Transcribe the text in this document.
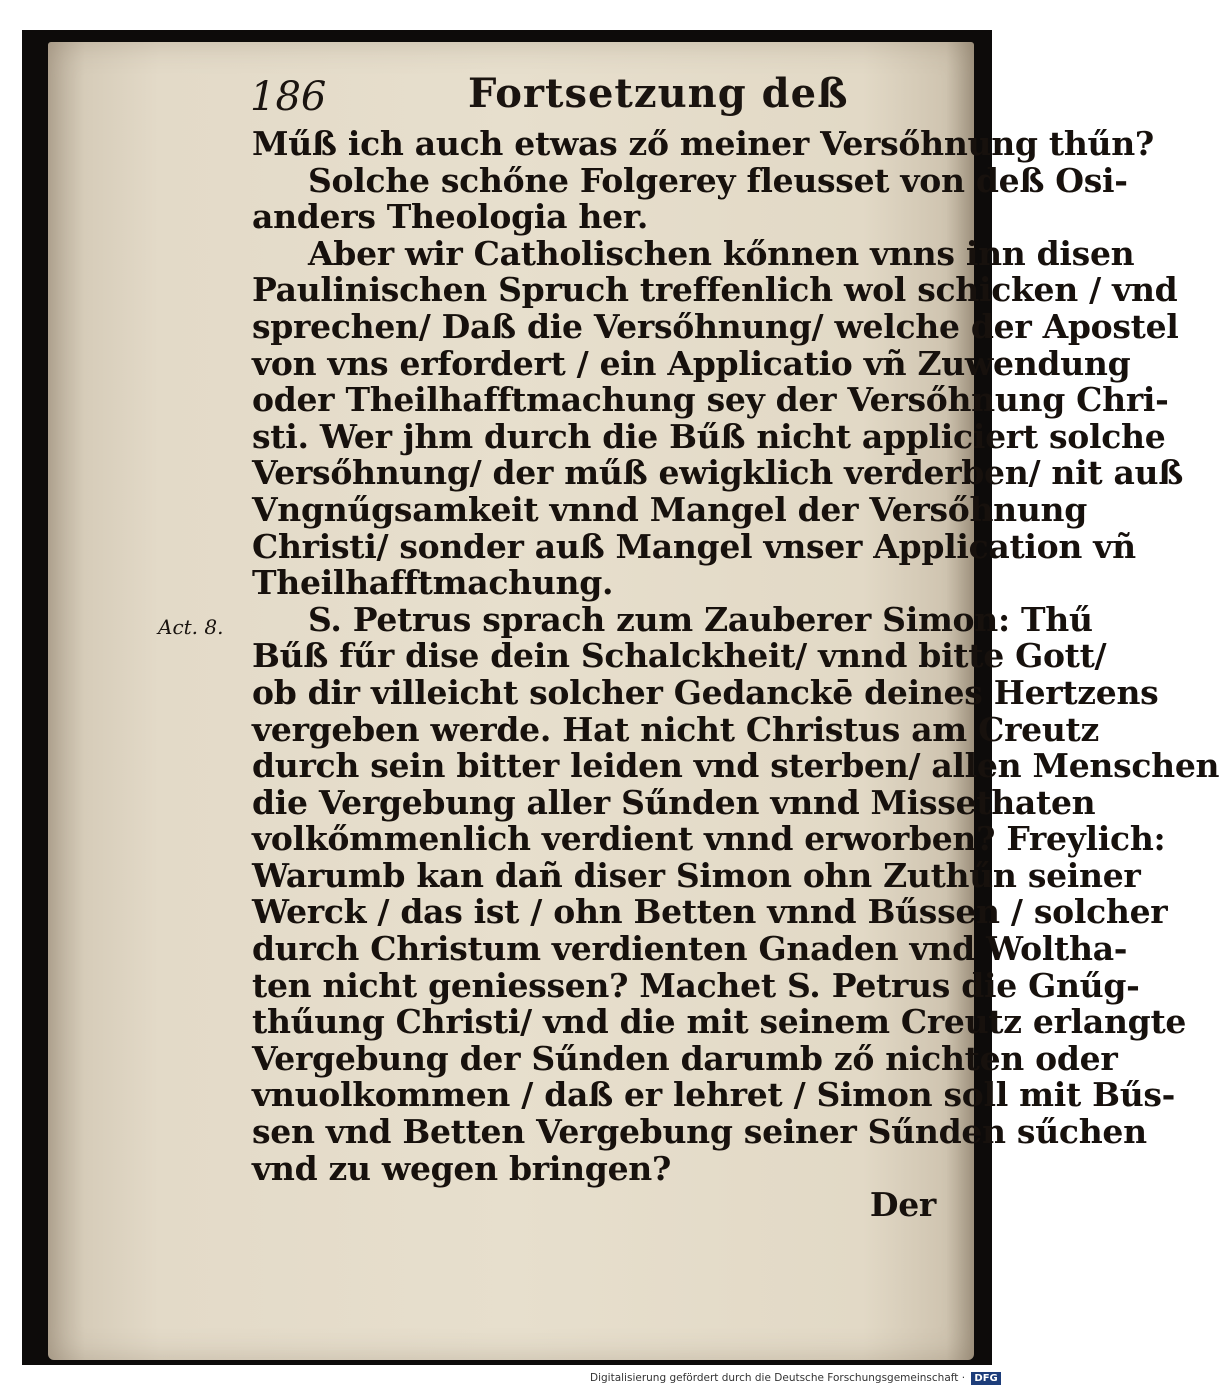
186	Fortsetzung deß
Act. 8.
Műß ich auch etwas ző meiner Versőhnung thűn?
Solche schőne Folgerey fleusset von deß Osi-
anders Theologia her.
Aber wir Catholischen kőnnen vnns inn disen
Paulinischen Spruch treffenlich wol schicken / vnd
sprechen/ Daß die Versőhnung/ welche der Apostel
von vns erfordert / ein Applicatio vñ Zuwendung
oder Theilhafftmachung sey der Versőhnung Chri-
sti. Wer jhm durch die Bűß nicht appliciert solche
Versőhnung/ der műß ewigklich verderben/ nit auß
Vngnűgsamkeit vnnd Mangel der Versőhnung
Christi/ sonder auß Mangel vnser Application vñ
Theilhafftmachung.
S. Petrus sprach zum Zauberer Simon: Thű
Bűß fűr dise dein Schalckheit/ vnnd bitte Gott/
ob dir villeicht solcher Gedanckē deines Hertzens
vergeben werde. Hat nicht Christus am Creutz
durch sein bitter leiden vnd sterben/ allen Menschen
die Vergebung aller Sűnden vnnd Missethaten
volkőmmenlich verdient vnnd erworben? Freylich:
Warumb kan dañ diser Simon ohn Zuthűn seiner
Werck / das ist / ohn Betten vnnd Bűssen / solcher
durch Christum verdienten Gnaden vnd Woltha-
ten nicht geniessen? Machet S. Petrus die Gnűg-
thűung Christi/ vnd die mit seinem Creutz erlangte
Vergebung der Sűnden darumb ző nichten oder
vnuolkommen / daß er lehret / Simon soll mit Bűs-
sen vnd Betten Vergebung seiner Sűnden sűchen
vnd zu wegen bringen?
Der
Digitalisierung gefördert durch die Deutsche Forschungsgemeinschaft · DFG
